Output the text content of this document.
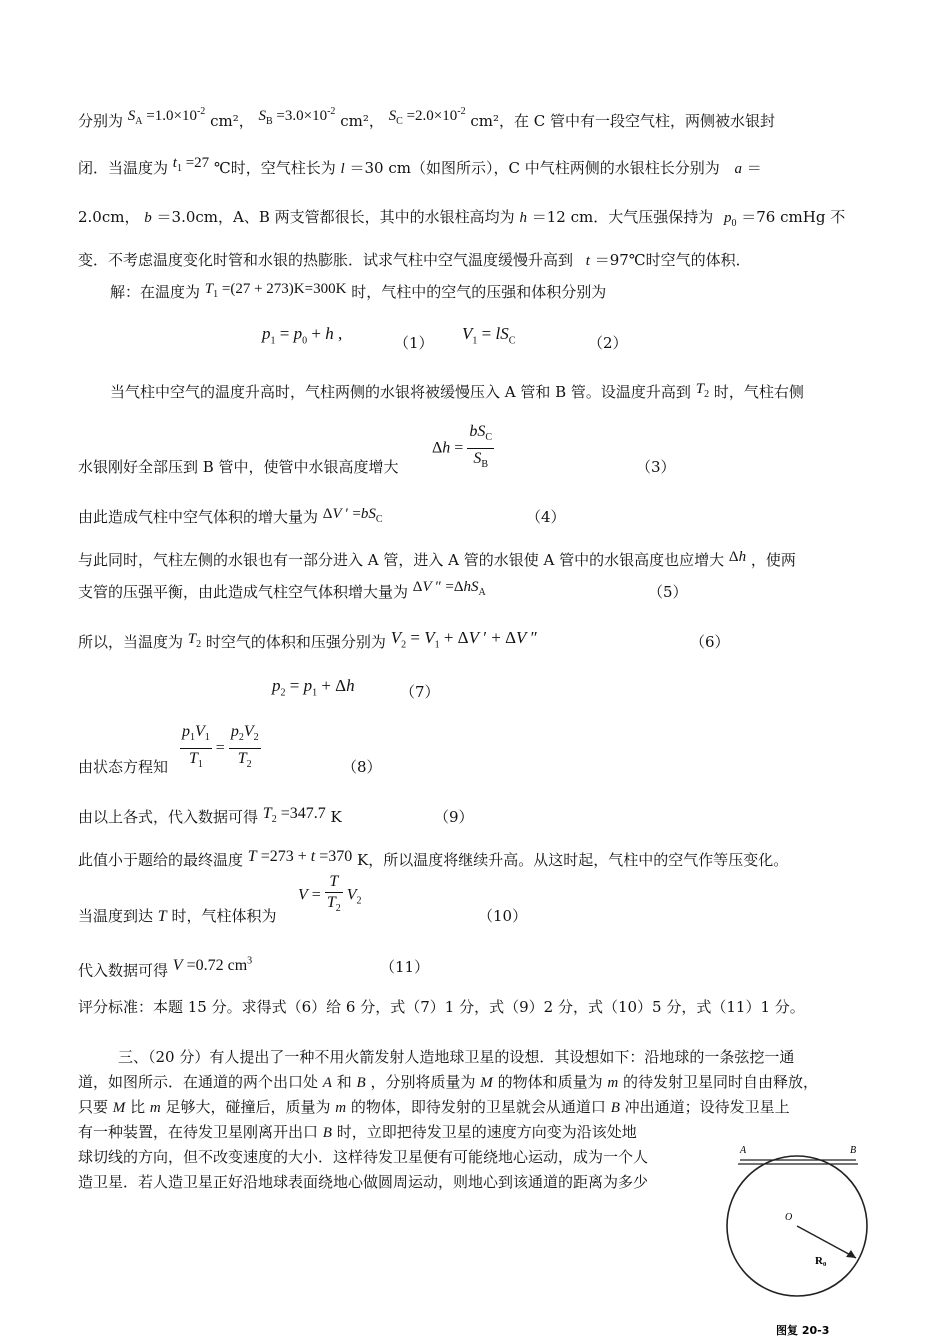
分别为 $S_A =1.0\times 10^{-2}$ cm²， $S_B =3.0\times 10^{-2}$ cm²， $S_C =2.0\times 10^{-2}$ cm²，在 C 管中有一段空气柱，两侧被水银封
闭．当温度为 $t_1 =27$ ℃时，空气柱长为 l ＝30 cm（如图所示），C 中气柱两侧的水银柱长分别为 a ＝
2.0cm， b ＝3.0cm，A、B 两支管都很长，其中的水银柱高均为 h ＝12 cm．大气压强保持为 $p_0 =76$ cmHg 不
变．不考虑温度变化时管和水银的热膨胀．试求气柱中空气温度缓慢升高到 t ＝97℃时空气的体积．
解：在温度为 $T_1 =(27 + 273)K=300K$ 时，气柱中的空气的压强和体积分别为
$p_1 = p_0 + h$ ,	（1） $V_1 = lS_C$	（2）
当气柱中空气的温度升高时，气柱两侧的水银将被缓慢压入 A 管和 B 管。设温度升高到 $T_2$ 时，气柱右侧
水银刚好全部压到 B 管中，使管中水银高度增大
$\Delta h = \frac{bS_C}{S_B}$	（3）
由此造成气柱中空气体积的增大量为 ΔV ′ $=bS_C$	（4）
与此同时，气柱左侧的水银也有一部分进入 A 管，进入 A 管的水银使 A 管中的水银高度也应增大 Δh ，使两
支管的压强平衡，由此造成气柱空气体积增大量为 ΔV ″ =ΔhS$_A$	（5）
所以，当温度为 $T_2$ 时空气的体积和压强分别为 $V_2 = V_1 + \Delta V$ ′ + ΔV ″	（6）
$p_2 = p_1 + \Delta h$	（7）
由状态方程知 $\frac{p_1V_1}{T_1} = \frac{p_2V_2}{T_2}$	（8）
由以上各式，代入数据可得 $T_2 =347.7$ K	（9）
此值小于题给的最终温度 T =273 + t =370 K，所以温度将继续升高。从这时起，气柱中的空气作等压变化。
当温度到达 T 时，气柱体积为
$V = \frac{T}{T_2} V_2$
（10）
代入数据可得 V =0.72 $cm^3$	（11）
评分标准：本题 15 分。求得式（6）给 6 分，式（7）1 分，式（9）2 分，式（10）5 分，式（11）1 分。
三、（20 分）有人提出了一种不用火箭发射人造地球卫星的设想．其设想如下：沿地球的一条弦挖一通
道，如图所示．在通道的两个出口处 A 和 B ，分别将质量为 M 的物体和质量为 m 的待发射卫星同时自由释放，
只要 M 比 m 足够大，碰撞后，质量为 m 的物体，即待发射的卫星就会从通道口 B 冲出通道；设待发卫星上
有一种装置，在待发卫星刚离开出口 B 时，立即把待发卫星的速度方向变为沿该处地
球切线的方向，但不改变速度的大小．这样待发卫星便有可能绕地心运动，成为一个人
造卫星．若人造卫星正好沿地球表面绕地心做圆周运动，则地心到该通道的距离为多少
A	B
O
R₀
图复 20-3
